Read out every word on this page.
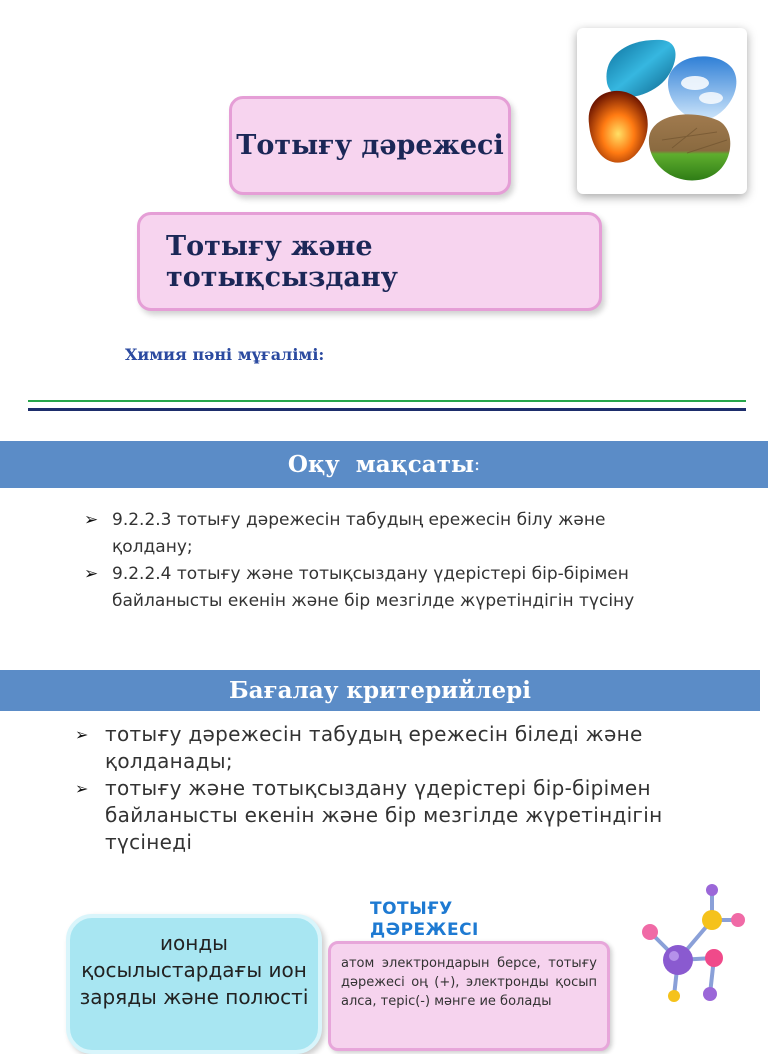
Тотығу дәрежесі
Тотығу және тотықсыздану
Химия пәні мұғалімі:
Оқу  мақсаты :
➢ 9.2.2.3 тотығу дәрежесін табудың ережесін білу және қолдану;
➢ 9.2.2.4 тотығу және тотықсыздану үдерістері бір-бірімен байланысты екенін және бір мезгілде жүретіндігін түсіну
Бағалау критерийлері
➢ тотығу дәрежесін табудың ережесін біледі және қолданады;
➢ тотығу және тотықсыздану үдерістері бір-бірімен байланысты екенін және бір мезгілде жүретіндігін түсінеді
ионды қосылыстардағы ион заряды және полюсті
ТОТЫҒУ ДӘРЕЖЕСІ
атом электрондарын берсе, тотығу дәрежесі оң (+), электронды қосып алса, теріс(-) мәнге ие болады
